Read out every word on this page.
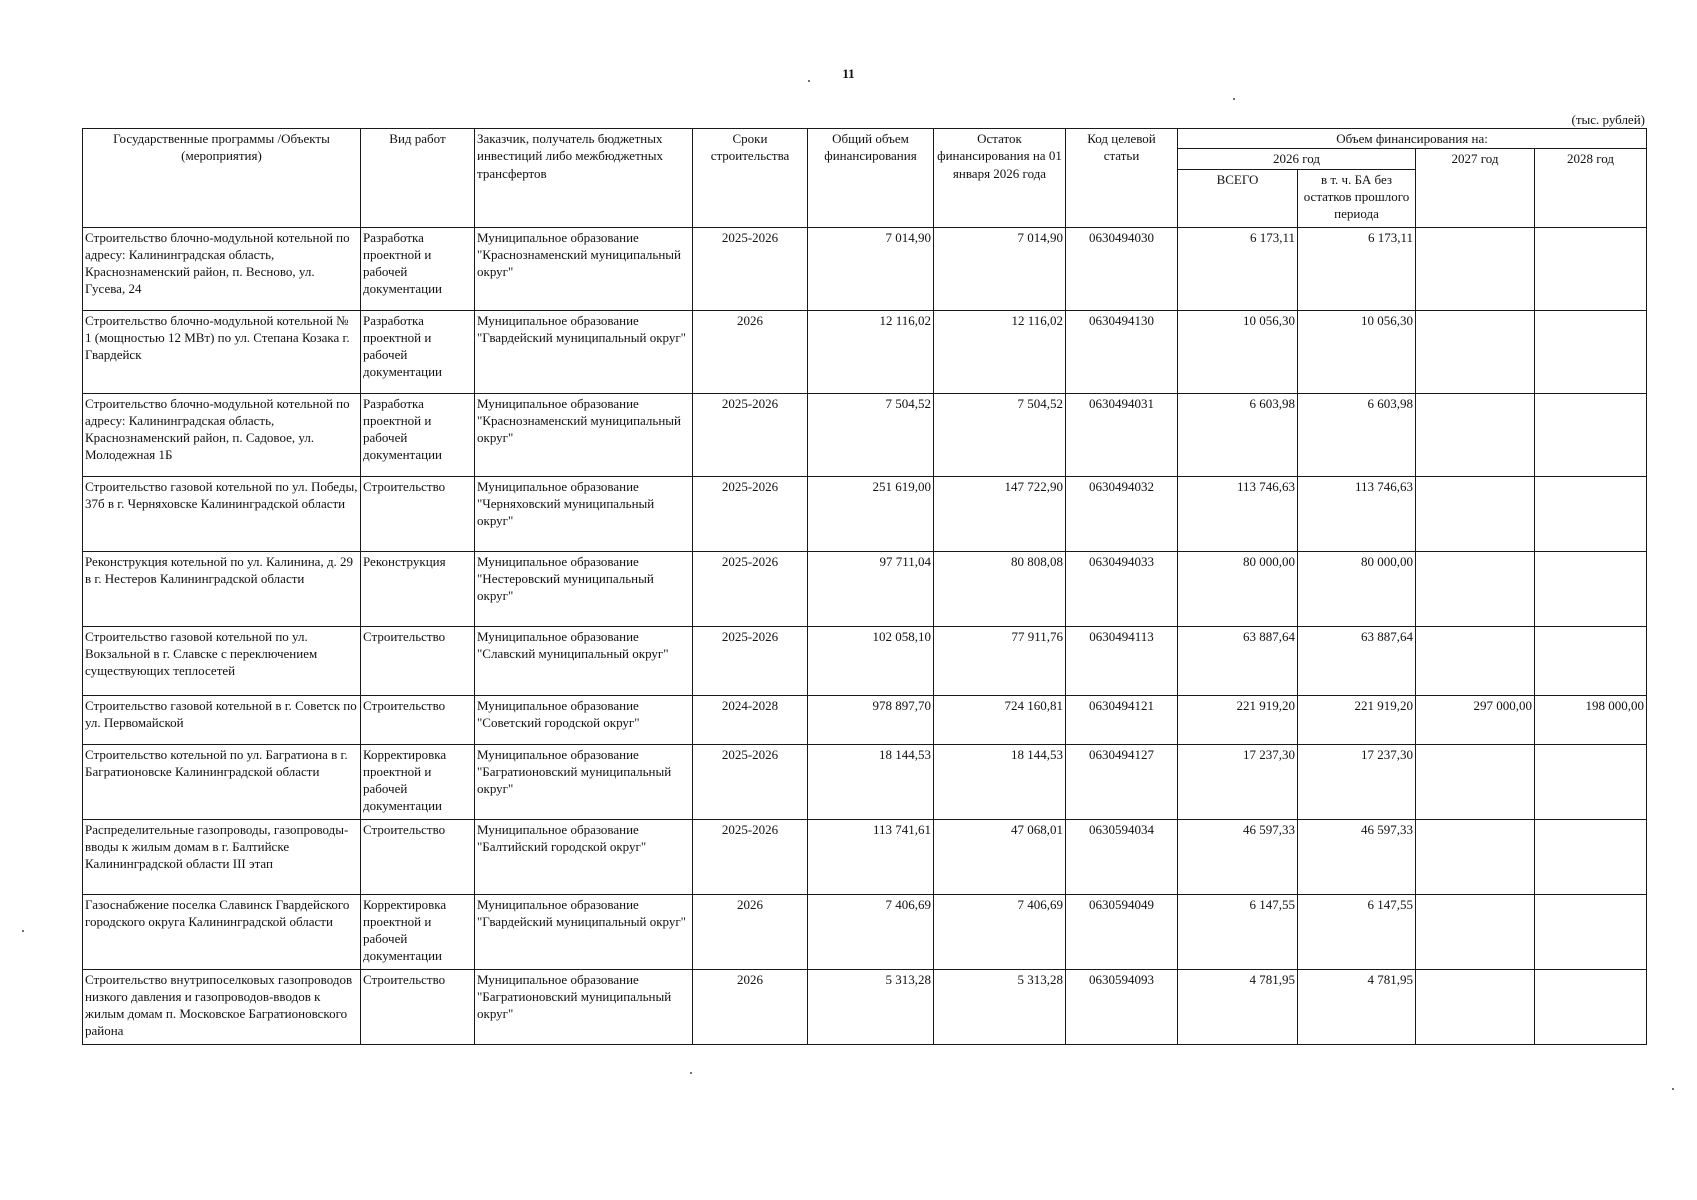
11
(тыс. рублей)
Государственные программы /Объекты (мероприятия)	Вид работ	Заказчик, получатель бюджетных инвестиций либо межбюджетных трансфертов	Сроки строительства	Общий объем финансирования	Остаток финансирования на 01 января 2026 года	Код целевой статьи	Объем финансирования на:			
							2026 год		2027 год	2028 год
							ВСЕГО	в т. ч. БА без остатков прошлого периода		
Строительство блочно-модульной котельной по адресу: Калининградская область, Краснознаменский район, п. Весново, ул. Гусева, 24	Разработка проектной и рабочей документации	Муниципальное образование "Краснознаменский муниципальный округ"	2025-2026	7 014,90	7 014,90	0630494030	6 173,11	6 173,11		
Строительство блочно-модульной котельной № 1 (мощностью 12 МВт) по ул. Степана Козака г. Гвардейск	Разработка проектной и рабочей документации	Муниципальное образование "Гвардейский муниципальный округ"	2026	12 116,02	12 116,02	0630494130	10 056,30	10 056,30		
Строительство блочно-модульной котельной по адресу: Калининградская область, Краснознаменский район, п. Садовое, ул. Молодежная 1Б	Разработка проектной и рабочей документации	Муниципальное образование "Краснознаменский муниципальный округ"	2025-2026	7 504,52	7 504,52	0630494031	6 603,98	6 603,98		
Строительство газовой котельной по ул. Победы, 37б в г. Черняховске Калининградской области	Строительство	Муниципальное образование "Черняховский муниципальный округ"	2025-2026	251 619,00	147 722,90	0630494032	113 746,63	113 746,63		
Реконструкция котельной по ул. Калинина, д. 29 в г. Нестеров Калининградской области	Реконструкция	Муниципальное образование "Нестеровский муниципальный округ"	2025-2026	97 711,04	80 808,08	0630494033	80 000,00	80 000,00		
Строительство газовой котельной по ул. Вокзальной в г. Славске с переключением существующих теплосетей	Строительство	Муниципальное образование "Славский муниципальный округ"	2025-2026	102 058,10	77 911,76	0630494113	63 887,64	63 887,64		
Строительство газовой котельной в г. Советск по ул. Первомайской	Строительство	Муниципальное образование "Советский городской округ"	2024-2028	978 897,70	724 160,81	0630494121	221 919,20	221 919,20	297 000,00	198 000,00
Строительство котельной по ул. Багратиона в г. Багратионовске Калининградской области	Корректировка проектной и рабочей документации	Муниципальное образование "Багратионовский муниципальный округ"	2025-2026	18 144,53	18 144,53	0630494127	17 237,30	17 237,30		
Распределительные газопроводы, газопроводы-вводы к жилым домам в г. Балтийске Калининградской области III этап	Строительство	Муниципальное образование "Балтийский городской округ"	2025-2026	113 741,61	47 068,01	0630594034	46 597,33	46 597,33		
Газоснабжение поселка Славинск Гвардейского городского округа Калининградской области	Корректировка проектной и рабочей документации	Муниципальное образование "Гвардейский муниципальный округ"	2026	7 406,69	7 406,69	0630594049	6 147,55	6 147,55		
Строительство внутрипоселковых газопроводов низкого давления и газопроводов-вводов к жилым домам п. Московское Багратионовского района	Строительство	Муниципальное образование "Багратионовский муниципальный округ"	2026	5 313,28	5 313,28	0630594093	4 781,95	4 781,95		
